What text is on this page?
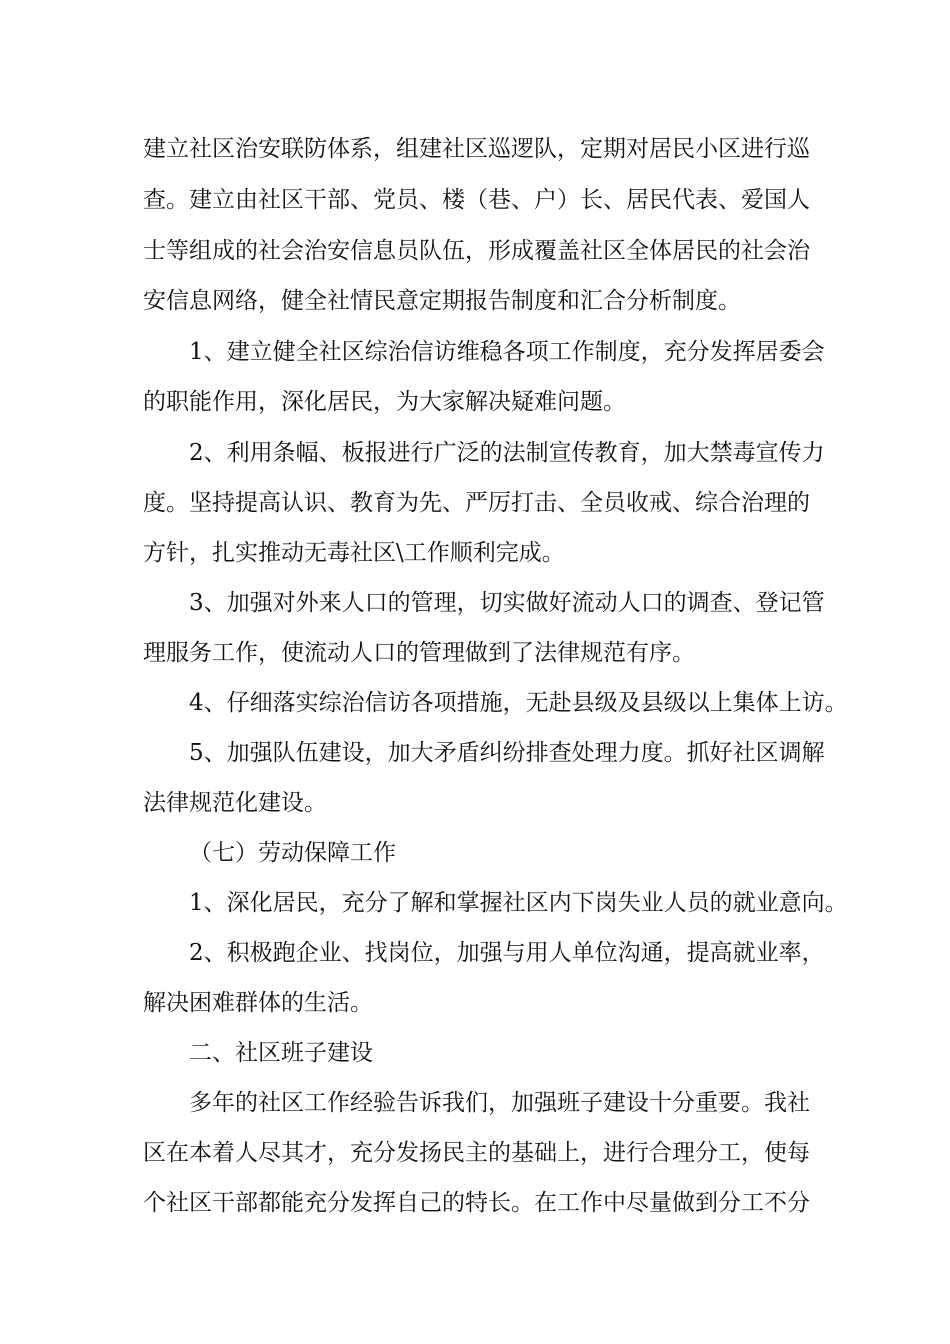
建立社区治安联防体系，组建社区巡逻队，定期对居民小区进行巡
查。建立由社区干部、党员、楼（巷、户）长、居民代表、爱国人
士等组成的社会治安信息员队伍，形成覆盖社区全体居民的社会治
安信息网络，健全社情民意定期报告制度和汇合分析制度。
1、建立健全社区综治信访维稳各项工作制度，充分发挥居委会
的职能作用，深化居民，为大家解决疑难问题。
2、利用条幅、板报进行广泛的法制宣传教育，加大禁毒宣传力
度。坚持提高认识、教育为先、严厉打击、全员收戒、综合治理的
方针，扎实推动无毒社区\工作顺利完成。
3、加强对外来人口的管理，切实做好流动人口的调查、登记管
理服务工作，使流动人口的管理做到了法律规范有序。
4、仔细落实综治信访各项措施，无赴县级及县级以上集体上访。
5、加强队伍建设，加大矛盾纠纷排查处理力度。抓好社区调解
法律规范化建设。
（七）劳动保障工作
1、深化居民，充分了解和掌握社区内下岗失业人员的就业意向。
2、积极跑企业、找岗位，加强与用人单位沟通，提高就业率，
解决困难群体的生活。
二、社区班子建设
多年的社区工作经验告诉我们，加强班子建设十分重要。我社
区在本着人尽其才，充分发扬民主的基础上，进行合理分工，使每
个社区干部都能充分发挥自己的特长。在工作中尽量做到分工不分
